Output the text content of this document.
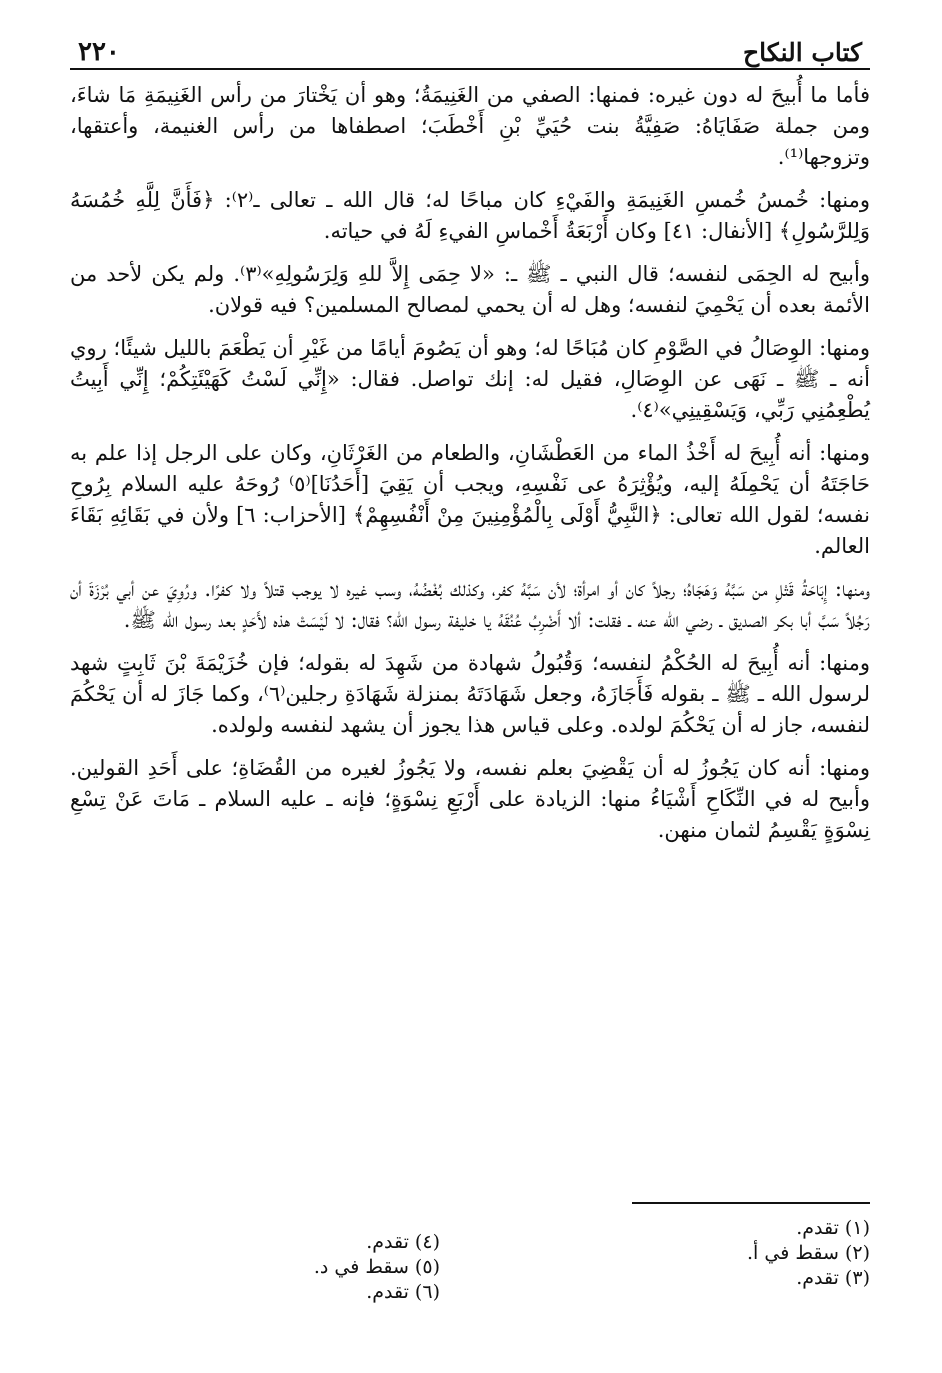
كتاب النكاح
٢٢٠

فأما ما أُبيحَ له دون غيره: فمنها: الصفي من الغَنِيمَةُ؛ وهو أن يَخْتارَ من رأس الغَنِيمَةِ مَا شاءَ، ومن جملة صَفَايَاهُ: صَفِيَّةُ بنت حُيَيِّ بْنِ أَخْطَبَ؛ اصطفاها من رأس الغنيمة، وأعتقها، وتزوجها⁽¹⁾.

ومنها: خُمسُ خُمسِ الغَنِيمَةِ والفَيْءِ كان مباحًا له؛ قال الله ـ تعالى ـ⁽٢⁾: ﴿فَأَنَّ لِلَّهِ خُمُسَهُ وَلِلرَّسُولِ﴾ [الأنفال: ٤١] وكان أَرْبَعَةُ أَخْماسِ الفيءِ لَهُ في حياته.

وأبيح له الحِمَى لنفسه؛ قال النبي ـ ﷺ ـ: «لا حِمَى إِلاَّ للهِ وَلِرَسُولِهِ»⁽٣⁾. ولم يكن لأحد من الأئمة بعده أن يَحْمِيَ لنفسه؛ وهل له أن يحمي لمصالح المسلمين؟ فيه قولان.

ومنها: الوِصَالُ في الصَّوْمِ كان مُبَاحًا له؛ وهو أن يَصُومَ أيامًا من غَيْرِ أن يَطْعَمَ بالليل شيئًا؛ روي أنه ـ ﷺ ـ نَهَى عن الوِصَالِ، فقيل له: إنك تواصل. فقال: «إِنِّي لَسْتُ كَهَيْئَتِكُمْ؛ إِنِّي أَبِيتُ يُطْعِمُنِي رَبِّي، وَيَسْقِينِي»⁽٤⁾.

ومنها: أنه أُبِيحَ له أَخْذُ الماء من العَطْشَانِ، والطعام من الغَرْثَانِ، وكان على الرجل إذا علم به حَاجَتَهُ أن يَحْمِلَهُ إليه، ويُؤْثِرَهُ عى نَفْسِهِ، ويجب أن يَقِيَ [أَحَدُنَا]⁽٥⁾ رُوحَهُ عليه السلام بِرُوحِ نفسه؛ لقول الله تعالى: ﴿النَّبِيُّ أَوْلَى بِالْمُؤْمِنِينَ مِنْ أَنْفُسِهِمْ﴾ [الأحزاب: ٦] ولأن في بَقَائِهِ بَقَاءَ العالم.

ومنها: إِبَاحَةُ قَتْلِ من سَبَّهُ وَهَجَاهُ؛ رجلاً كان أو امرأة؛ لأن سَبَّهُ كفر، وكذلك بُغْضُهُ، وسب غيره لا يوجب قتلاً ولا كفرًا. ورُوِيَ عن أبي بُرْزَةَ أن رَجُلاً سَبَّ أبا بكر الصديق ـ رضي الله عنه ـ فقلت: ألا أَضْرِبُ عُنُقَهُ يا خليفة رسول الله؟ فقال: لا لَيْسَتْ هذه لأَحَدٍ بعد رسول الله ﷺ.

ومنها: أنه أُبِيحَ له الحُكْمُ لنفسه؛ وَقُبُولُ شهادة من شَهِدَ له بقوله؛ فإن خُزَيْمَةَ بْنَ ثَابِتٍ شهد لرسول الله ـ ﷺ ـ بقوله فَأَجَازَهُ، وجعل شَهَادَتَهُ بمنزلة شَهَادَةِ رجلين⁽٦⁾، وكما جَازَ له أن يَحْكُمَ لنفسه، جاز له أن يَحْكُمَ لولده. وعلى قياس هذا يجوز أن يشهد لنفسه ولولده.

ومنها: أنه كان يَجُوزُ له أن يَقْضِيَ بعلم نفسه، ولا يَجُوزُ لغيره من القُضَاةِ؛ على أَحَدِ القولين. وأبيح له في النِّكَاحِ أَشْيَاءُ منها: الزيادة على أَرْبَعِ نِسْوَةٍ؛ فإنه ـ عليه السلام ـ مَاتَ عَنْ تِسْعِ نِسْوَةٍ يَقْسِمُ لثمان منهن.

(١) تقدم.
(٢) سقط في أ.
(٣) تقدم.
(٤) تقدم.
(٥) سقط في د.
(٦) تقدم.
